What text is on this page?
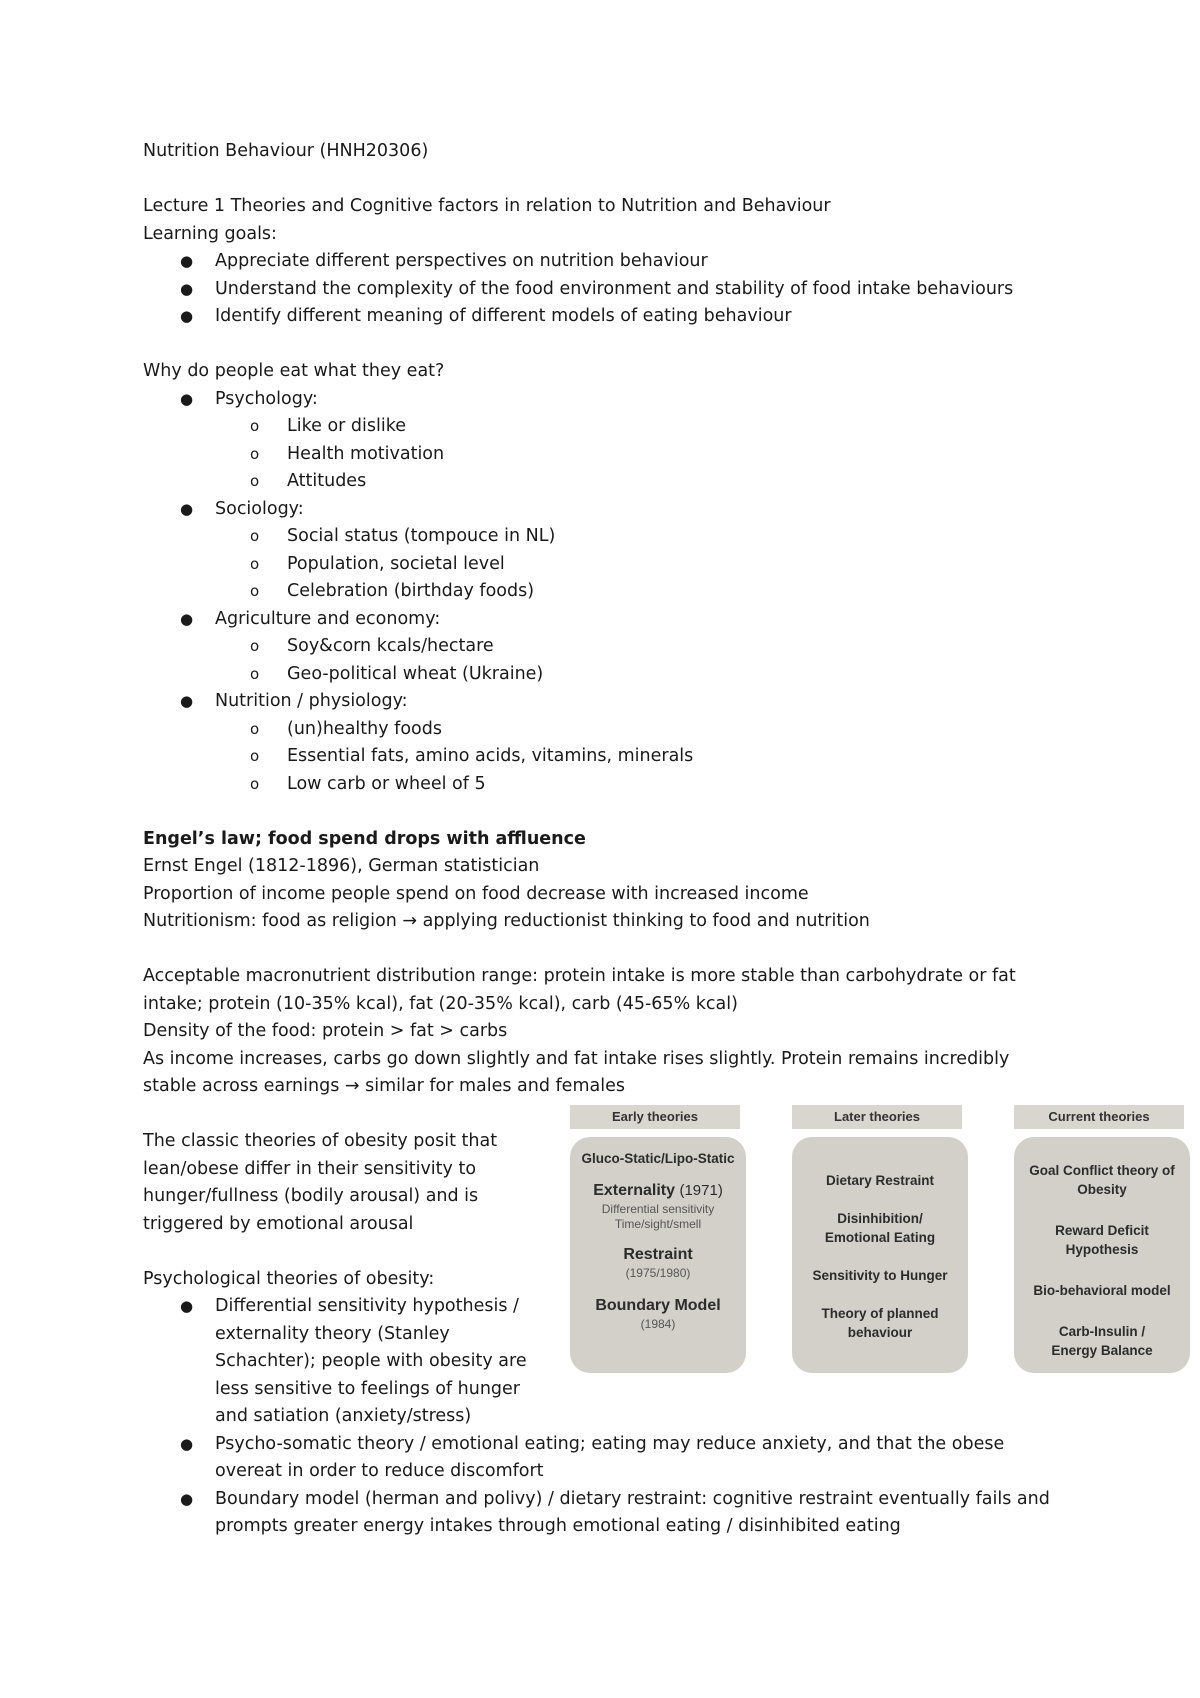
Nutrition Behaviour (HNH20306)
Lecture 1 Theories and Cognitive factors in relation to Nutrition and Behaviour
Learning goals:
● Appreciate different perspectives on nutrition behaviour
● Understand the complexity of the food environment and stability of food intake behaviours
● Identify different meaning of different models of eating behaviour
Why do people eat what they eat?
● Psychology:
o Like or dislike
o Health motivation
o Attitudes
● Sociology:
o Social status (tompouce in NL)
o Population, societal level
o Celebration (birthday foods)
● Agriculture and economy:
o Soy&corn kcals/hectare
o Geo-political wheat (Ukraine)
● Nutrition / physiology:
o (un)healthy foods
o Essential fats, amino acids, vitamins, minerals
o Low carb or wheel of 5
Engel’s law; food spend drops with affluence
Ernst Engel (1812-1896), German statistician
Proportion of income people spend on food decrease with increased income
Nutritionism: food as religion → applying reductionist thinking to food and nutrition
Acceptable macronutrient distribution range: protein intake is more stable than carbohydrate or fat intake; protein (10-35% kcal), fat (20-35% kcal), carb (45-65% kcal)
Density of the food: protein > fat > carbs
As income increases, carbs go down slightly and fat intake rises slightly. Protein remains incredibly stable across earnings → similar for males and females
The classic theories of obesity posit that lean/obese differ in their sensitivity to hunger/fullness (bodily arousal) and is triggered by emotional arousal
Psychological theories of obesity:
● Differential sensitivity hypothesis / externality theory (Stanley Schachter); people with obesity are less sensitive to feelings of hunger and satiation (anxiety/stress)
● Psycho-somatic theory / emotional eating; eating may reduce anxiety, and that the obese overeat in order to reduce discomfort
● Boundary model (herman and polivy) / dietary restraint: cognitive restraint eventually fails and prompts greater energy intakes through emotional eating / disinhibited eating
Early theories
Gluco-Static/Lipo-Static
Externality (1971)
Differential sensitivity
Time/sight/smell
Restraint
(1975/1980)
Boundary Model
(1984)
Later theories
Dietary Restraint
Disinhibition/ Emotional Eating
Sensitivity to Hunger
Theory of planned behaviour
Current theories
Goal Conflict theory of Obesity
Reward Deficit Hypothesis
Bio-behavioral model
Carb-Insulin / Energy Balance
